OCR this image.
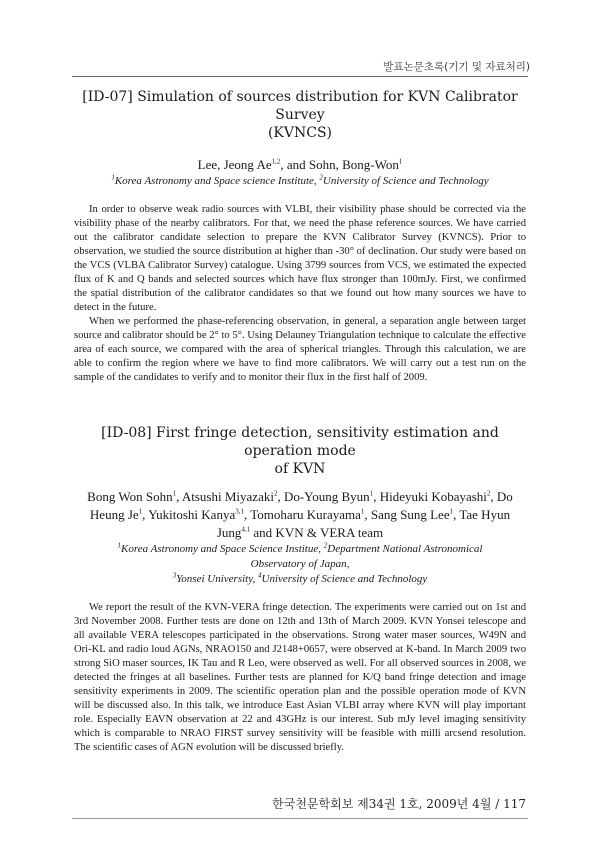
발표논문초록(기기 및 자료처리)
[ID-07] Simulation of sources distribution for KVN Calibrator Survey
(KVNCS)
Lee, Jeong Ae$^{1,2}$, and Sohn, Bong-Won$^1$
$^1$Korea Astronomy and Space science Institute, $^2$University of Science and Technology

In order to observe weak radio sources with VLBI, their visibility phase should be corrected via the visibility phase of the nearby calibrators. For that, we need the phase reference sources. We have carried out the calibrator candidate selection to prepare the KVN Calibrator Survey (KVNCS). Prior to observation, we studied the source distribution at higher than -30° of declination. Our study were based on the VCS (VLBA Calibrator Survey) catalogue. Using 3799 sources from VCS, we estimated the expected flux of K and Q bands and selected sources which have flux stronger than 100mJy. First, we confirmed the spatial distribution of the calibrator candidates so that we found out how many sources we have to detect in the future.

When we performed the phase-referencing observation, in general, a separation angle between target source and calibrator should be 2° to 5°. Using Delauney Triangulation technique to calculate the effective area of each source, we compared with the area of spherical triangles. Through this calculation, we are able to confirm the region where we have to find more calibrators. We will carry out a test run on the sample of the candidates to verify and to monitor their flux in the first half of 2009.

[ID-08] First fringe detection, sensitivity estimation and operation mode
of KVN
Bong Won Sohn$^1$, Atsushi Miyazaki$^2$, Do-Young Byun$^1$, Hideyuki Kobayashi$^2$, Do Heung Je$^1$, Yukitoshi Kanya$^{3,1}$, Tomoharu Kurayama$^1$, Sang Sung Lee$^1$, Tae Hyun Jung$^{4,1}$ and KVN & VERA team
$^1$Korea Astronomy and Space Science Institue, $^2$Department National Astronomical
Observatory of Japan,
$^3$Yonsei University, $^4$University of Science and Technology

We report the result of the KVN-VERA fringe detection. The experiments were carried out on 1st and 3rd November 2008. Further tests are done on 12th and 13th of March 2009. KVN Yonsei telescope and all available VERA telescopes participated in the observations. Strong water maser sources, W49N and Ori-KL and radio loud AGNs, NRAO150 and J2148+0657, were observed at K-band. In March 2009 two strong SiO maser sources, IK Tau and R Leo, were observed as well. For all observed sources in 2008, we detected the fringes at all baselines. Further tests are planned for K/Q band fringe detection and image sensitivity experiments in 2009. The scientific operation plan and the possible operation mode of KVN will be discussed also. In this talk, we introduce East Asian VLBI array where KVN will play important role. Especially EAVN observation at 22 and 43GHz is our interest. Sub mJy level imaging sensitivity which is comparable to NRAO FIRST survey sensitivity will be feasible with milli arcsend resolution. The scientific cases of AGN evolution will be discussed briefly.

한국천문학회보 제34권 1호, 2009년 4월 / 117
